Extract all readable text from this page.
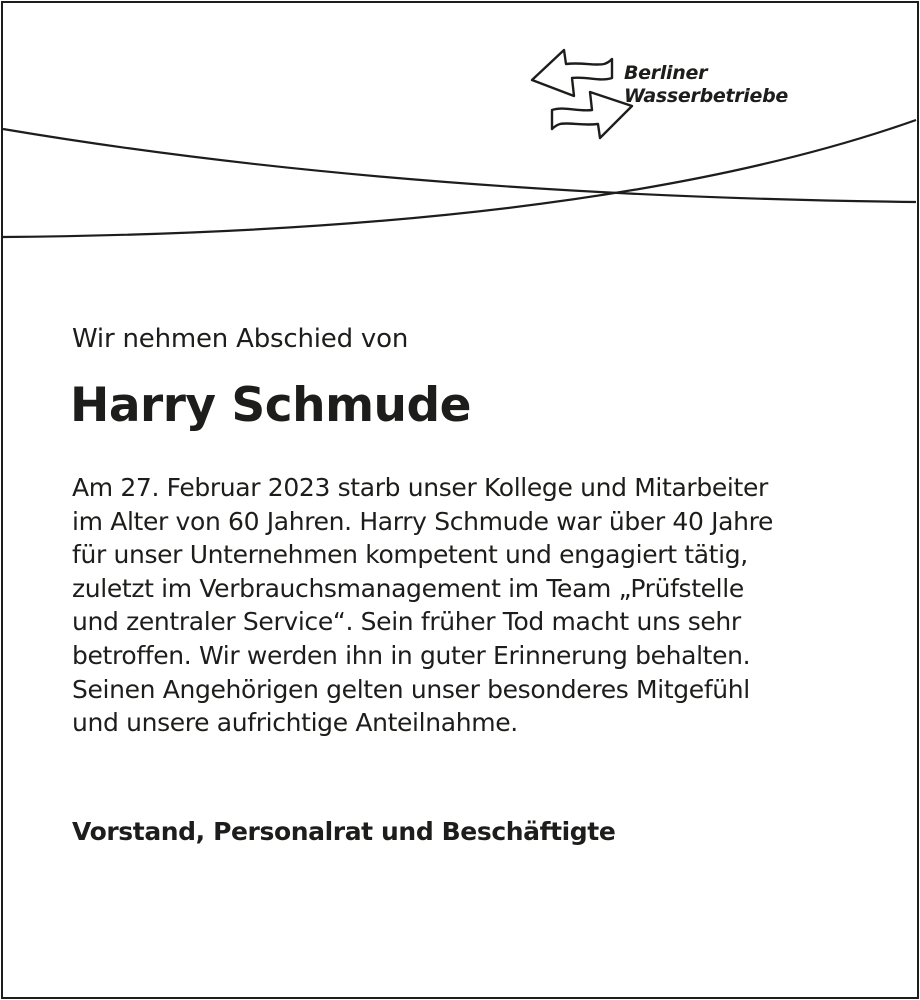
Berliner
Wasserbetriebe
Wir nehmen Abschied von
Harry Schmude

Am 27. Februar 2023 starb unser Kollege und Mitarbeiter
im Alter von 60 Jahren. Harry Schmude war über 40 Jahre
für unser Unternehmen kompetent und engagiert tätig,
zuletzt im Verbrauchsmanagement im Team „Prüfstelle
und zentraler Service“. Sein früher Tod macht uns sehr
betroffen. Wir werden ihn in guter Erinnerung behalten.
Seinen Angehörigen gelten unser besonderes Mitgefühl
und unsere aufrichtige Anteilnahme.

Vorstand, Personalrat und Beschäftigte
